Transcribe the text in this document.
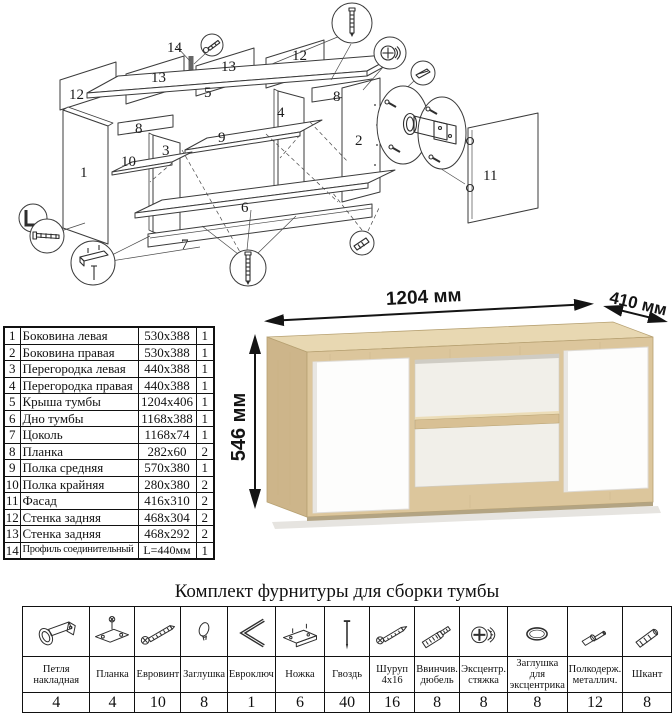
1
2
3
4
5
6
7
8
8
9
10
11
12
12
13
13
14
1	Боковина левая	530x388	1
2	Боковина правая	530x388	1
3	Перегородка левая	440x388	1
4	Перегородка правая	440x388	1
5	Крыша тумбы	1204x406	1
6	Дно тумбы	1168x388	1
7	Цоколь	1168x74	1
8	Планка	282x60	2
9	Полка средняя	570x380	1
10	Полка крайняя	280x380	2
11	Фасад	416x310	2
12	Стенка задняя	468x304	2
13	Стенка задняя	468x292	2
14	Профиль соединительный	L=440мм	1
1204 мм	410 мм
546 мм
Комплект фурнитуры для сборки тумбы

Петля накладная	Планка	Евровинт	Заглушка	Евроключ	Ножка	Гвоздь	Шуруп 4x16	Ввинчив. дюбель	Эксцентр. стяжка	Заглушка для эксцентрика	Полкодерж. металлич.	Шкант
4	4	10	8	1	6	40	16	8	8	8	12	8
